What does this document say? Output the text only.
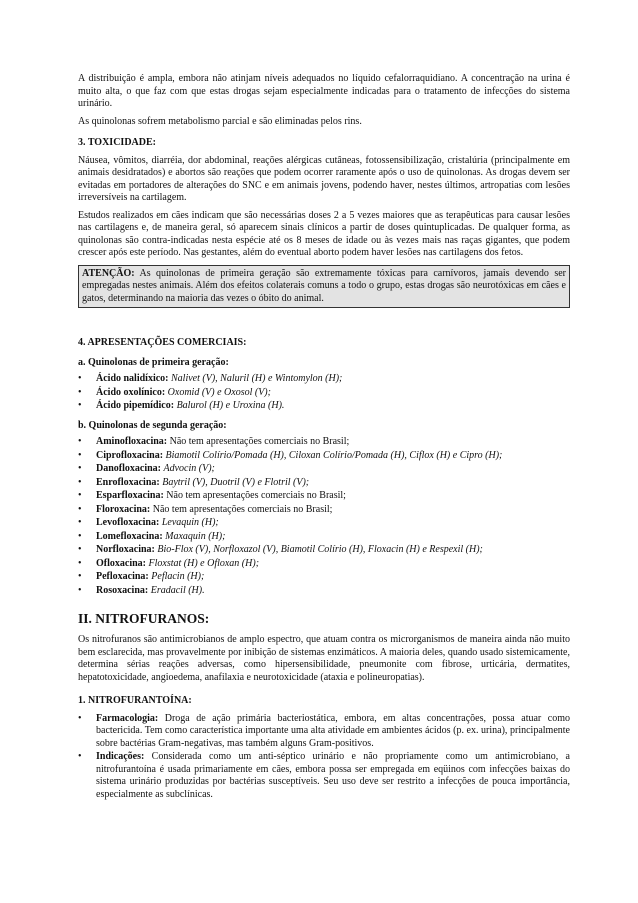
A distribuição é ampla, embora não atinjam níveis adequados no líquido cefalorraquidiano. A concentração na urina é muito alta, o que faz com que estas drogas sejam especialmente indicadas para o tratamento de infecções do sistema urinário.

As quinolonas sofrem metabolismo parcial e são eliminadas pelos rins.

3. TOXICIDADE:

Náusea, vômitos, diarréia, dor abdominal, reações alérgicas cutâneas, fotossensibilização, cristalúria (principalmente em animais desidratados) e abortos são reações que podem ocorrer raramente após o uso de quinolonas. As drogas devem ser evitadas em portadores de alterações do SNC e em animais jovens, podendo haver, nestes últimos, artropatias com lesões irreversíveis na cartilagem.

Estudos realizados em cães indicam que são necessárias doses 2 a 5 vezes maiores que as terapêuticas para causar lesões nas cartilagens e, de maneira geral, só aparecem sinais clínicos a partir de doses quintuplicadas. De qualquer forma, as quinolonas são contra-indicadas nesta espécie até os 8 meses de idade ou às vezes mais nas raças gigantes, que podem crescer após este período. Nas gestantes, além do eventual aborto podem haver lesões nas cartilagens dos fetos.

ATENÇÃO: As quinolonas de primeira geração são extremamente tóxicas para carnívoros, jamais devendo ser empregadas nestes animais. Além dos efeitos colaterais comuns a todo o grupo, estas drogas são neurotóxicas em cães e gatos, determinando na maioria das vezes o óbito do animal.
4. APRESENTAÇÕES COMERCIAIS:
a. Quinolonas de primeira geração:
• Ácido nalidíxico: Nalivet (V), Naluril (H) e Wintomylon (H);
• Ácido oxolínico: Oxomid (V) e Oxosol (V);
• Ácido pipemídico: Balurol (H) e Uroxina (H).
b. Quinolonas de segunda geração:
• Aminofloxacina: Não tem apresentações comerciais no Brasil;
• Ciprofloxacina: Biamotil Colírio/Pomada (H), Ciloxan Colírio/Pomada (H), Ciflox (H) e Cipro (H);
• Danofloxacina: Advocin (V);
• Enrofloxacina: Baytril (V), Duotril (V) e Flotril (V);
• Esparfloxacina: Não tem apresentações comerciais no Brasil;
• Floroxacina: Não tem apresentações comerciais no Brasil;
• Levofloxacina: Levaquin (H);
• Lomefloxacina: Maxaquin (H);
• Norfloxacina: Bio-Flox (V), Norfloxazol (V), Biamotil Colírio (H), Floxacin (H) e Respexil (H);
• Ofloxacina: Floxstat (H) e Ofloxan (H);
• Pefloxacina: Peflacin (H);
• Rosoxacina: Eradacil (H).
II. NITROFURANOS:

Os nitrofuranos são antimicrobianos de amplo espectro, que atuam contra os microrganismos de maneira ainda não muito bem esclarecida, mas provavelmente por inibição de sistemas enzimáticos. A maioria deles, quando usado sistemicamente, determina sérias reações adversas, como hipersensibilidade, pneumonite com fibrose, urticária, dermatites, hepatotoxicidade, angioedema, anafilaxia e neurotoxicidade (ataxia e polineuropatias).

1. NITROFURANTOÍNA:
• Farmacologia: Droga de ação primária bacteriostática, embora, em altas concentrações, possa atuar como bactericida. Tem como característica importante uma alta atividade em ambientes ácidos (p. ex. urina), principalmente sobre bactérias Gram-negativas, mas também alguns Gram-positivos.
• Indicações: Considerada como um anti-séptico urinário e não propriamente como um antimicrobiano, a nitrofurantoína é usada primariamente em cães, embora possa ser empregada em eqüinos com infecções baixas do sistema urinário produzidas por bactérias susceptíveis. Seu uso deve ser restrito a infecções de pouca importância, especialmente as subclínicas.
